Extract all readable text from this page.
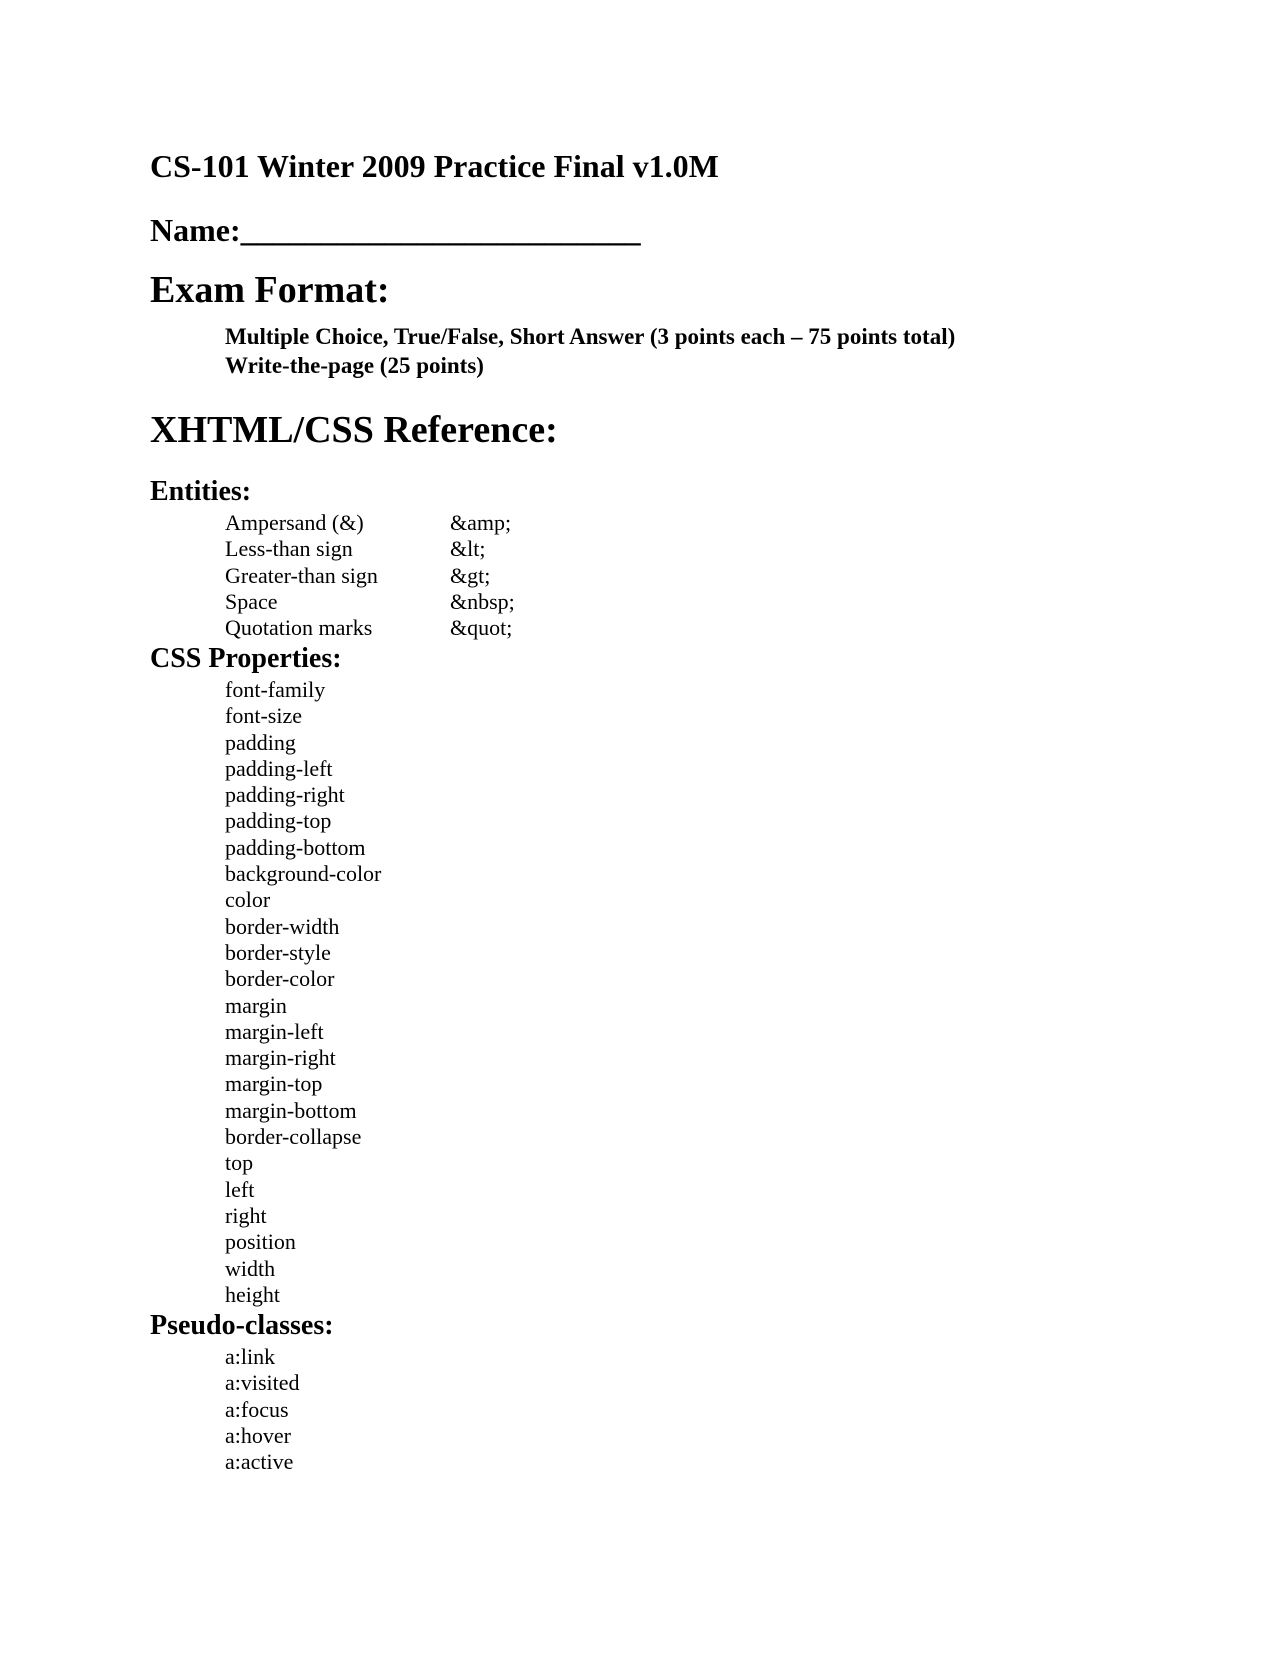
CS-101 Winter 2009 Practice Final v1.0M
Name:_________________________
Exam Format:
Multiple Choice, True/False, Short Answer (3 points each – 75 points total)
Write-the-page (25 points)
XHTML/CSS Reference:
Entities:
Ampersand (&)	&amp;
Less-than sign	&lt;
Greater-than sign	&gt;
Space	&nbsp;
Quotation marks	&quot;
CSS Properties:
font-family
font-size
padding
padding-left
padding-right
padding-top
padding-bottom
background-color
color
border-width
border-style
border-color
margin
margin-left
margin-right
margin-top
margin-bottom
border-collapse
top
left
right
position
width
height
Pseudo-classes:
a:link
a:visited
a:focus
a:hover
a:active
